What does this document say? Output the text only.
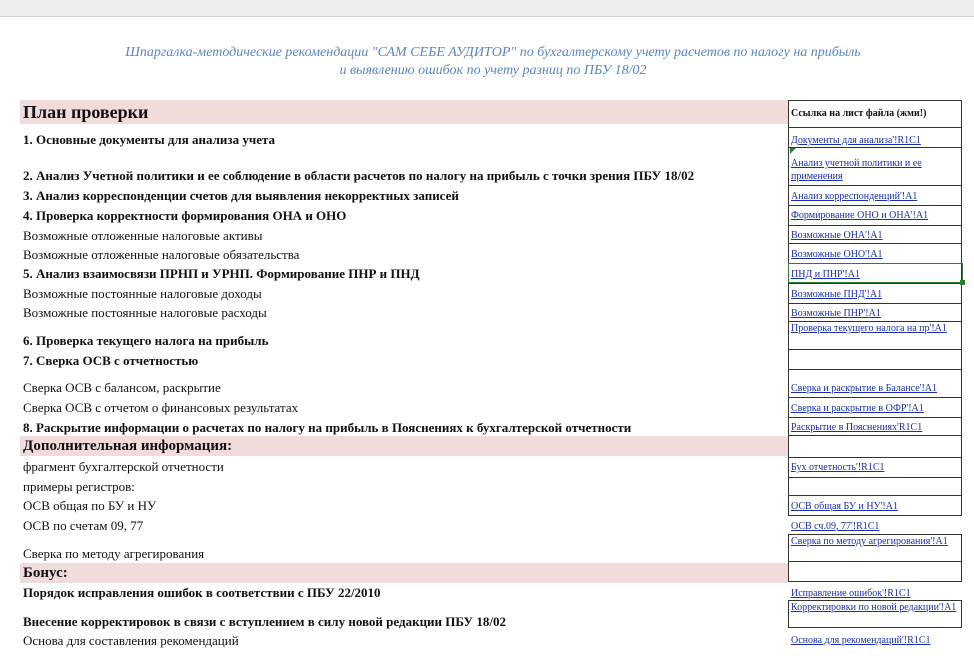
Шпаргалка-методические рекомендации "САМ СЕБЕ АУДИТОР" по бухгалтерскому учету расчетов по налогу на прибыль
и выявлению ошибок по учету разниц по ПБУ 18/02
План проверки
1. Основные документы для анализа учета
2. Анализ Учетной политики и ее соблюдение в области расчетов по налогу на прибыль с точки зрения ПБУ 18/02
3. Анализ корреспонденции счетов для выявления некорректных записей
4. Проверка корректности формирования ОНА и ОНО
Возможные отложенные налоговые активы
Возможные отложенные налоговые обязательства
5. Анализ взаимосвязи ПРНП и УРНП. Формирование ПНР и ПНД
Возможные постоянные налоговые доходы
Возможные постоянные налоговые расходы
6. Проверка текущего налога на прибыль
7. Сверка ОСВ с отчетностью
Сверка ОСВ с балансом, раскрытие
Сверка ОСВ с отчетом о финансовых результатах
8. Раскрытие информации о расчетах по налогу на прибыль в Пояснениях к бухгалтерской отчетности
Дополнительная информация:
фрагмент бухгалтерской отчетности
примеры регистров:
ОСВ общая по БУ и НУ
ОСВ по счетам 09, 77
Сверка по методу агрегирования
Бонус:
Порядок исправления ошибок в соответствии с ПБУ 22/2010
Внесение корректировок в связи с вступлением в силу новой редакции ПБУ 18/02
Основа для составления рекомендаций
Ссылка на лист файла (жми!)
Документы для анализа'!R1C1
Анализ учетной политики и ее применения
Анализ корреспонденций'!A1
Формирование ОНО и ОНА'!A1
Возможные ОНА'!A1
Возможные ОНО'!A1
ПНД и ПНР'!A1
Возможные ПНД'!A1
Возможные ПНР'!A1
Проверка текущего налога на пр'!A1
Сверка и раскрытие в Балансе'!A1
Сверка и раскрытие в ОФР'!A1
Раскрытие в Пояснениях'R1C1
Бух отчетность'!R1C1
ОСВ общая БУ и НУ'!A1
ОСВ сч.09, 77'!R1C1
Сверка по методу агрегирования'!A1
Исправление ошибок'!R1C1
Корректировки по новой редакции'!A1
Основа для рекомендаций'!R1C1
